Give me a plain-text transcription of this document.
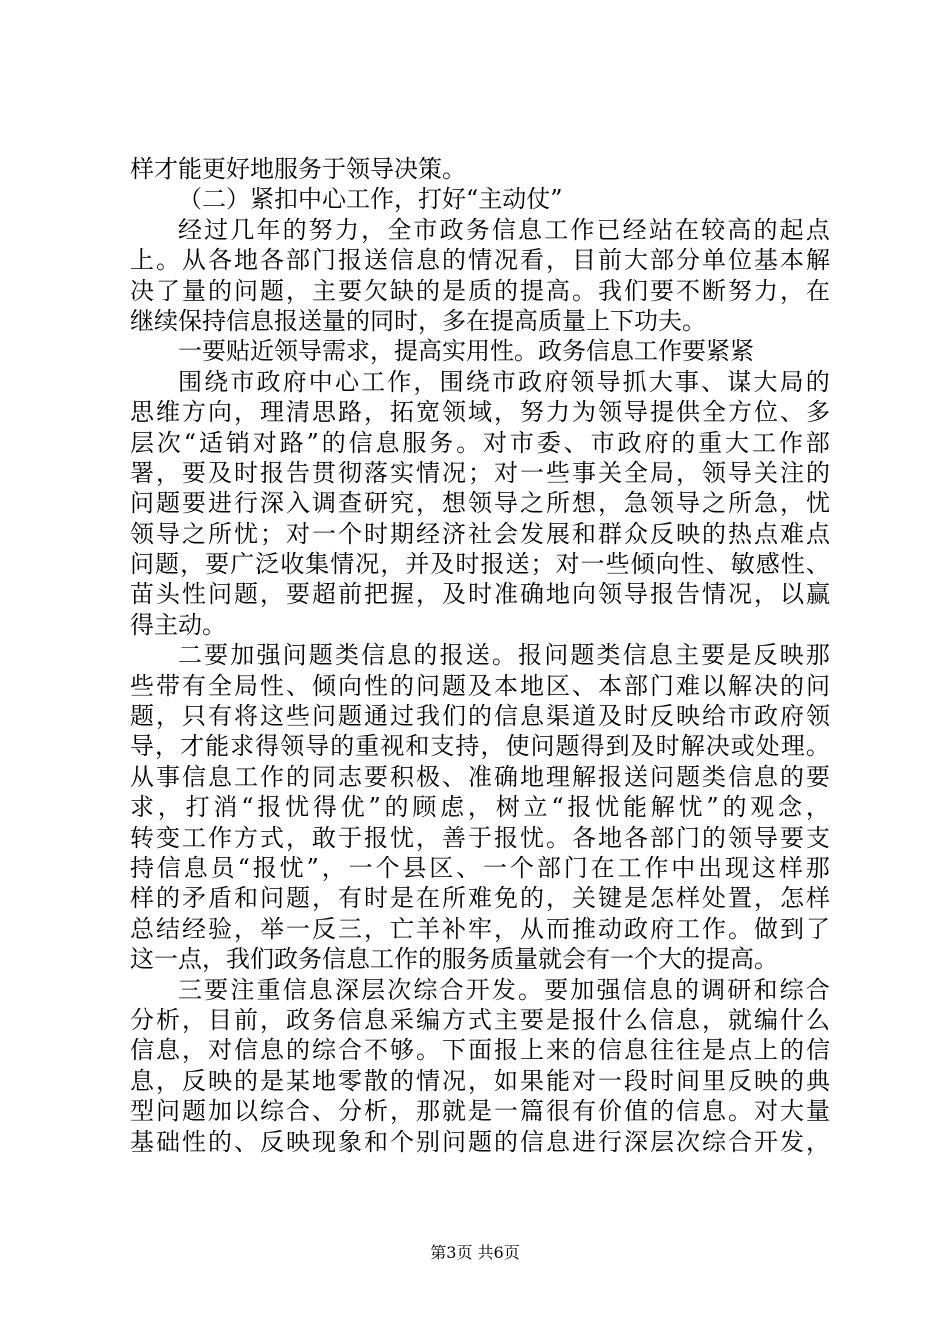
样才能更好地服务于领导决策。
（二）紧扣中心工作，打好“主动仗”
经 过 几 年 的 努 力 ， 全 市 政 务 信 息 工 作 已 经 站 在 较 高 的 起 点
上 。 从 各 地 各 部 门 报 送 信 息 的 情 况 看 ， 目 前 大 部 分 单 位 基 本 解
决 了 量 的 问 题 ， 主 要 欠 缺 的 是 质 的 提 高 。 我 们 要 不 断 努 力 ， 在
继续保持信息报送量的同时，多在提高质量上下功夫。
一要贴近领导需求，提高实用性。政务信息工作要紧紧
围 绕 市 政 府 中 心 工 作 ， 围 绕 市 政 府 领 导 抓 大 事 、 谋 大 局 的
思 维 方 向 ， 理 清 思 路 ， 拓 宽 领 域 ， 努 力 为 领 导 提 供 全 方 位 、 多
层 次 “ 适 销 对 路 ” 的 信 息 服 务 。 对 市 委 、 市 政 府 的 重 大 工 作 部
署 ， 要 及 时 报 告 贯 彻 落 实 情 况 ； 对 一 些 事 关 全 局 ， 领 导 关 注 的
问 题 要 进 行 深 入 调 查 研 究 ， 想 领 导 之 所 想 ， 急 领 导 之 所 急 ， 忧
领 导 之 所 忧 ； 对 一 个 时 期 经 济 社 会 发 展 和 群 众 反 映 的 热 点 难 点
问 题 ， 要 广 泛 收 集 情 况 ， 并 及 时 报 送 ； 对 一 些 倾 向 性 、 敏 感 性 、
苗 头 性 问 题 ， 要 超 前 把 握 ， 及 时 准 确 地 向 领 导 报 告 情 况 ， 以 赢
得主动。
二 要 加 强 问 题 类 信 息 的 报 送 。 报 问 题 类 信 息 主 要 是 反 映 那
些 带 有 全 局 性 、 倾 向 性 的 问 题 及 本 地 区 、 本 部 门 难 以 解 决 的 问
题 ， 只 有 将 这 些 问 题 通 过 我 们 的 信 息 渠 道 及 时 反 映 给 市 政 府 领
导 ， 才 能 求 得 领 导 的 重 视 和 支 持 ， 使 问 题 得 到 及 时 解 决 或 处 理 。
从 事 信 息 工 作 的 同 志 要 积 极 、 准 确 地 理 解 报 送 问 题 类 信 息 的 要
求 ， 打 消 “ 报 忧 得 优 ” 的 顾 虑 ， 树 立 “ 报 忧 能 解 忧 ” 的 观 念 ，
转 变 工 作 方 式 ， 敢 于 报 忧 ， 善 于 报 忧 。 各 地 各 部 门 的 领 导 要 支
持 信 息 员 “ 报 忧 ” ， 一 个 县 区 、 一 个 部 门 在 工 作 中 出 现 这 样 那
样 的 矛 盾 和 问 题 ， 有 时 是 在 所 难 免 的 ， 关 键 是 怎 样 处 置 ， 怎 样
总 结 经 验 ， 举 一 反 三 ， 亡 羊 补 牢 ， 从 而 推 动 政 府 工 作 。 做 到 了
这一点，我们政务信息工作的服务质量就会有一个大的提高。
三 要 注 重 信 息 深 层 次 综 合 开 发 。 要 加 强 信 息 的 调 研 和 综 合
分 析 ， 目 前 ， 政 务 信 息 采 编 方 式 主 要 是 报 什 么 信 息 ， 就 编 什 么
信 息 ， 对 信 息 的 综 合 不 够 。 下 面 报 上 来 的 信 息 往 往 是 点 上 的 信
息 ， 反 映 的 是 某 地 零 散 的 情 况 ， 如 果 能 对 一 段 时 间 里 反 映 的 典
型 问 题 加 以 综 合 、 分 析 ， 那 就 是 一 篇 很 有 价 值 的 信 息 。 对 大 量
基 础 性 的 、 反 映 现 象 和 个 别 问 题 的 信 息 进 行 深 层 次 综 合 开 发 ，
第3页 共6页
